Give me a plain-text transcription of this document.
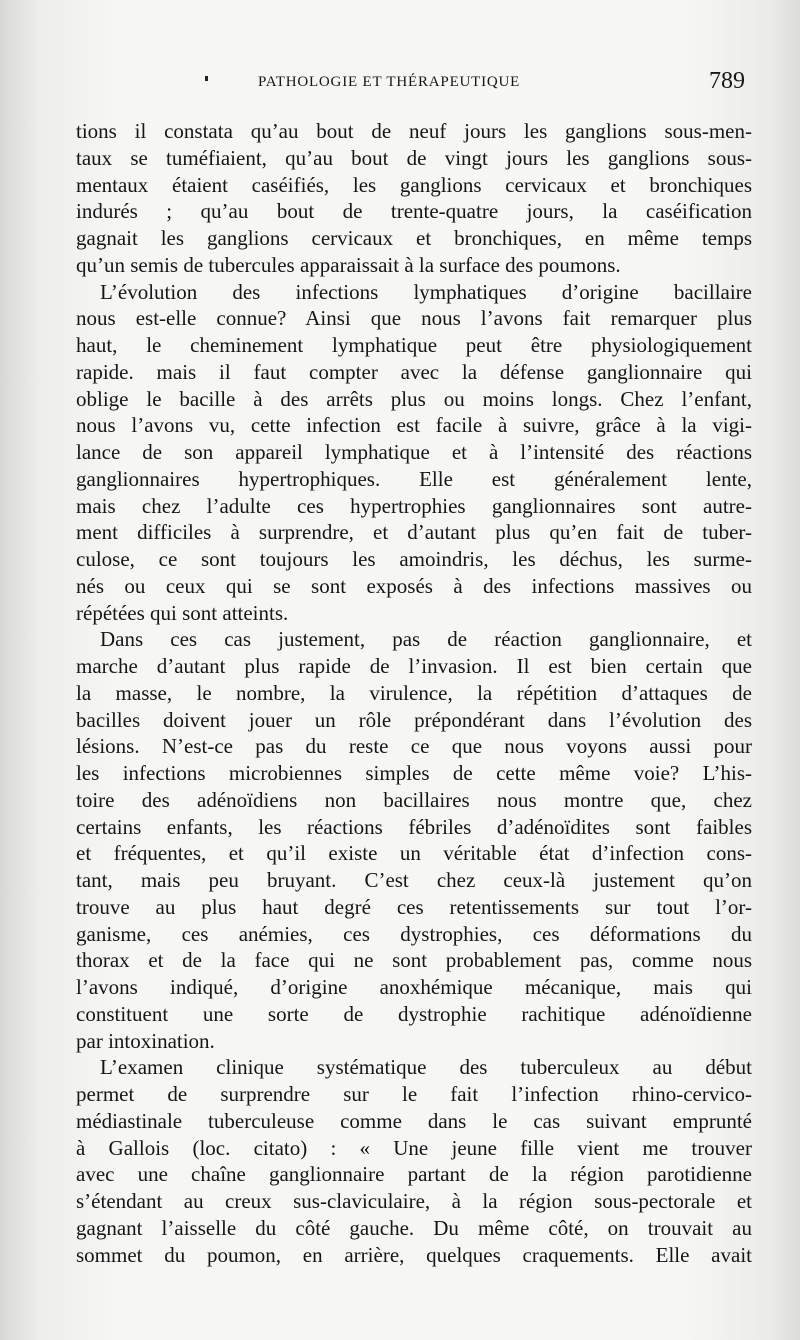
PATHOLOGIE ET THÉRAPEUTIQUE	789
tions il constata qu’au bout de neuf jours les ganglions sous-men-
taux se tuméfiaient, qu’au bout de vingt jours les ganglions sous-
mentaux étaient caséifiés, les ganglions cervicaux et bronchiques
indurés ; qu’au bout de trente-quatre jours, la caséification
gagnait les ganglions cervicaux et bronchiques, en même temps
qu’un semis de tubercules apparaissait à la surface des poumons.
L’évolution des infections lymphatiques d’origine bacillaire
nous est-elle connue? Ainsi que nous l’avons fait remarquer plus
haut, le cheminement lymphatique peut être physiologiquement
rapide. mais il faut compter avec la défense ganglionnaire qui
oblige le bacille à des arrêts plus ou moins longs. Chez l’enfant,
nous l’avons vu, cette infection est facile à suivre, grâce à la vigi-
lance de son appareil lymphatique et à l’intensité des réactions
ganglionnaires hypertrophiques. Elle est généralement lente,
mais chez l’adulte ces hypertrophies ganglionnaires sont autre-
ment difficiles à surprendre, et d’autant plus qu’en fait de tuber-
culose, ce sont toujours les amoindris, les déchus, les surme-
nés ou ceux qui se sont exposés à des infections massives ou
répétées qui sont atteints.
Dans ces cas justement, pas de réaction ganglionnaire, et
marche d’autant plus rapide de l’invasion. Il est bien certain que
la masse, le nombre, la virulence, la répétition d’attaques de
bacilles doivent jouer un rôle prépondérant dans l’évolution des
lésions. N’est-ce pas du reste ce que nous voyons aussi pour
les infections microbiennes simples de cette même voie? L’his-
toire des adénoïdiens non bacillaires nous montre que, chez
certains enfants, les réactions fébriles d’adénoïdites sont faibles
et fréquentes, et qu’il existe un véritable état d’infection cons-
tant, mais peu bruyant. C’est chez ceux-là justement qu’on
trouve au plus haut degré ces retentissements sur tout l’or-
ganisme, ces anémies, ces dystrophies, ces déformations du
thorax et de la face qui ne sont probablement pas, comme nous
l’avons indiqué, d’origine anoxhémique mécanique, mais qui
constituent une sorte de dystrophie rachitique adénoïdienne
par intoxination.
L’examen clinique systématique des tuberculeux au début
permet de surprendre sur le fait l’infection rhino-cervico-
médiastinale tuberculeuse comme dans le cas suivant emprunté
à Gallois (loc. citato) : « Une jeune fille vient me trouver
avec une chaîne ganglionnaire partant de la région parotidienne
s’étendant au creux sus-claviculaire, à la région sous-pectorale et
gagnant l’aisselle du côté gauche. Du même côté, on trouvait au
sommet du poumon, en arrière, quelques craquements. Elle avait
